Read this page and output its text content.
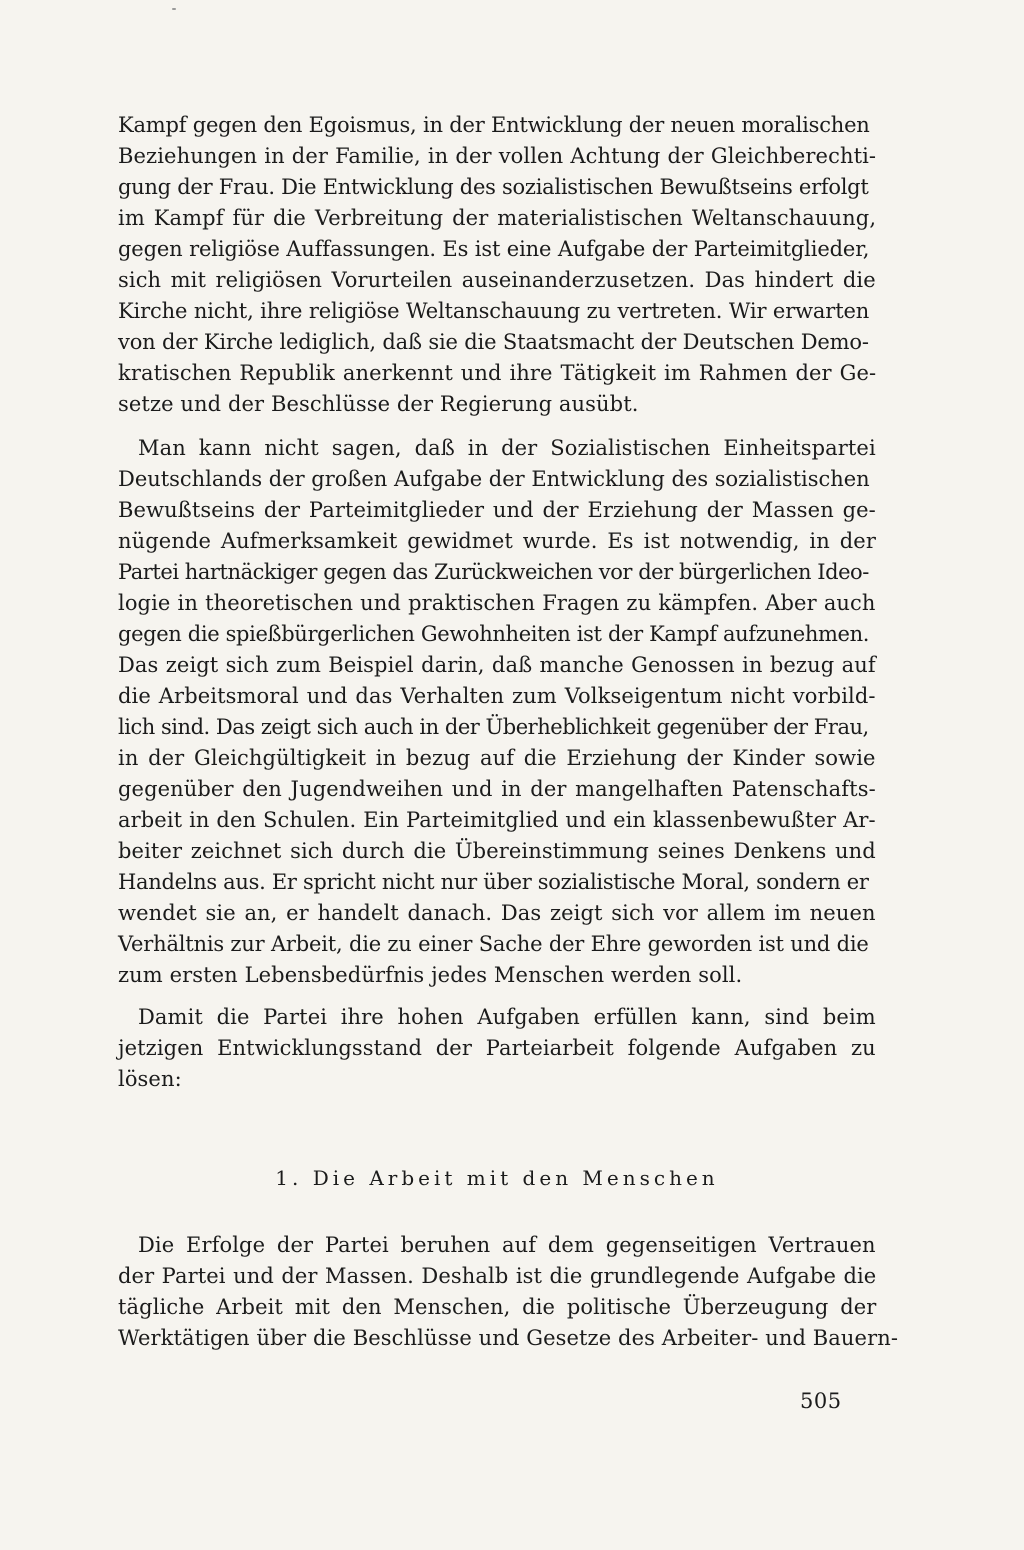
Kampf gegen den Egoismus, in der Entwicklung der neuen moralischen
Beziehungen in der Familie, in der vollen Achtung der Gleichberechti-
gung der Frau. Die Entwicklung des sozialistischen Bewußtseins erfolgt
im Kampf für die Verbreitung der materialistischen Weltanschauung,
gegen religiöse Auffassungen. Es ist eine Aufgabe der Parteimitglieder,
sich mit religiösen Vorurteilen auseinanderzusetzen. Das hindert die
Kirche nicht, ihre religiöse Weltanschauung zu vertreten. Wir erwarten
von der Kirche lediglich, daß sie die Staatsmacht der Deutschen Demo-
kratischen Republik anerkennt und ihre Tätigkeit im Rahmen der Ge-
setze und der Beschlüsse der Regierung ausübt.
Man kann nicht sagen, daß in der Sozialistischen Einheitspartei
Deutschlands der großen Aufgabe der Entwicklung des sozialistischen
Bewußtseins der Parteimitglieder und der Erziehung der Massen ge-
nügende Aufmerksamkeit gewidmet wurde. Es ist notwendig, in der
Partei hartnäckiger gegen das Zurückweichen vor der bürgerlichen Ideo-
logie in theoretischen und praktischen Fragen zu kämpfen. Aber auch
gegen die spießbürgerlichen Gewohnheiten ist der Kampf aufzunehmen.
Das zeigt sich zum Beispiel darin, daß manche Genossen in bezug auf
die Arbeitsmoral und das Verhalten zum Volkseigentum nicht vorbild-
lich sind. Das zeigt sich auch in der Überheblichkeit gegenüber der Frau,
in der Gleichgültigkeit in bezug auf die Erziehung der Kinder sowie
gegenüber den Jugendweihen und in der mangelhaften Patenschafts-
arbeit in den Schulen. Ein Parteimitglied und ein klassenbewußter Ar-
beiter zeichnet sich durch die Übereinstimmung seines Denkens und
Handelns aus. Er spricht nicht nur über sozialistische Moral, sondern er
wendet sie an, er handelt danach. Das zeigt sich vor allem im neuen
Verhältnis zur Arbeit, die zu einer Sache der Ehre geworden ist und die
zum ersten Lebensbedürfnis jedes Menschen werden soll.
Damit die Partei ihre hohen Aufgaben erfüllen kann, sind beim
jetzigen Entwicklungsstand der Parteiarbeit folgende Aufgaben zu
lösen:
1. Die Arbeit mit den Menschen
Die Erfolge der Partei beruhen auf dem gegenseitigen Vertrauen
der Partei und der Massen. Deshalb ist die grundlegende Aufgabe die
tägliche Arbeit mit den Menschen, die politische Überzeugung der
Werktätigen über die Beschlüsse und Gesetze des Arbeiter- und Bauern-
505
